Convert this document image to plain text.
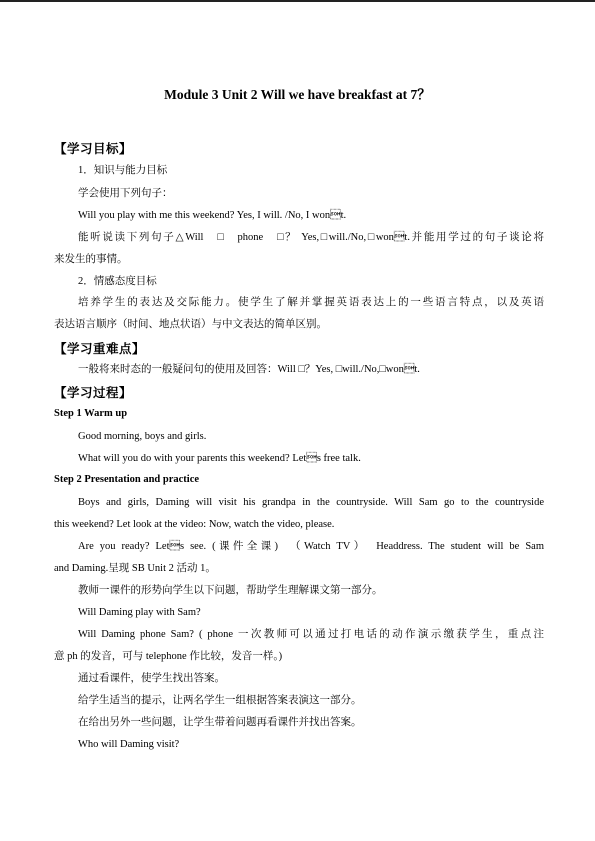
Module 3 Unit 2 Will we have breakfast at 7？
【学习目标】
1．知识与能力目标
学会使用下列句子：
Will you play with me this weekend? Yes, I will. /No, I wont.
能听说读下列句子△Will　□　phone　□？ Yes,□will./No,□wont.并能用学过的句子谈论将
来发生的事情。
2．情感态度目标
培养学生的表达及交际能力。使学生了解并掌握英语表达上的一些语言特点，以及英语
表达语言顺序（时间、地点状语）与中文表达的简单区别。
【学习重难点】
一般将来时态的一般疑问句的使用及回答：Will □？Yes, □will./No,□wont.
【学习过程】
Step 1 Warm up
Good morning, boys and girls.
What will you do with your parents this weekend? Lets free talk.
Step 2 Presentation and practice
Boys and girls, Daming will visit his grandpa in the countryside. Will Sam go to the countryside
this weekend? Let look at the video: Now, watch the video, please.
Are you ready? Lets see. (课件全课)　（Watch TV）　Headdress. The student will be Sam
and Daming.呈现 SB Unit 2 活动 1。
教师一课件的形势向学生以下问题，帮助学生理解课文第一部分。
Will Daming play with Sam?
Will Daming phone Sam? ( phone 一次教师可以通过打电话的动作演示缴获学生，重点注
意 ph 的发音，可与 telephone 作比较，发音一样。)
通过看课件，使学生找出答案。
给学生适当的提示，让两名学生一组根据答案表演这一部分。
在给出另外一些问题，让学生带着问题再看课件并找出答案。
Who will Daming visit?
